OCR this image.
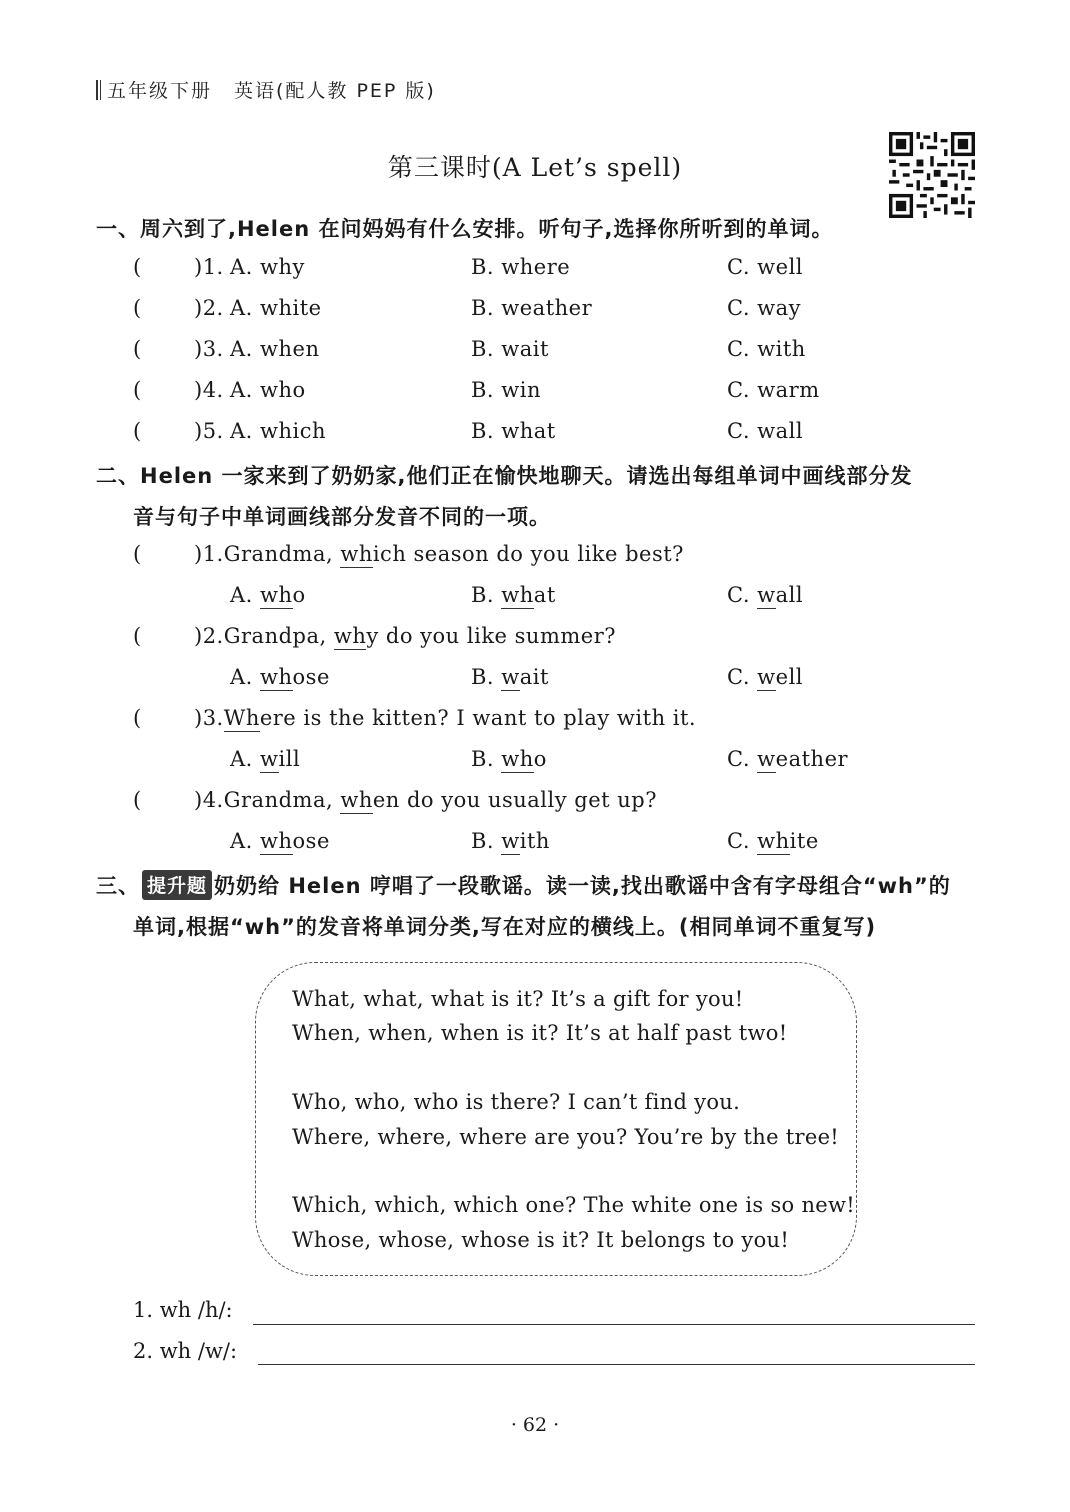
五年级下册 英语(配人教 PEP 版)
第三课时(A Let’s spell)
一、周六到了,Helen 在问妈妈有什么安排。听句子,选择你所听到的单词。
( )1. A. why	B. where	C. well
( )2. A. white	B. weather	C. way
( )3. A. when	B. wait	C. with
( )4. A. who	B. win	C. warm
( )5. A. which	B. what	C. wall
二、Helen 一家来到了奶奶家,他们正在愉快地聊天。请选出每组单词中画线部分发
音与句子中单词画线部分发音不同的一项。
( )1.Grandma, which season do you like best?
A. who	B. what	C. wall
( )2.Grandpa, why do you like summer?
A. whose	B. wait	C. well
( )3.Where is the kitten? I want to play with it.
A. will	B. who	C. weather
( )4.Grandma, when do you usually get up?
A. whose	B. with	C. white
三、 提升题 奶奶给 Helen 哼唱了一段歌谣。读一读,找出歌谣中含有字母组合“wh”的
单词,根据“wh”的发音将单词分类,写在对应的横线上。(相同单词不重复写)
What, what, what is it? It’s a gift for you!
When, when, when is it? It’s at half past two!
Who, who, who is there? I can’t find you.
Where, where, where are you? You’re by the tree!
Which, which, which one? The white one is so new!
Whose, whose, whose is it? It belongs to you!
1. wh /h/:
2. wh /w/:
· 62 ·
